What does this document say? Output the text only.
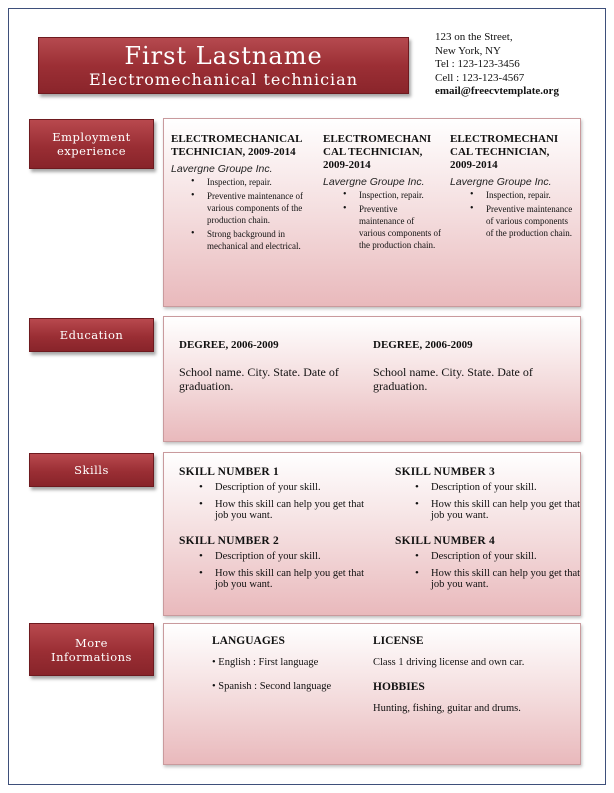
First Lastname
Electromechanical technician
123 on the Street,
New York, NY
Tel : 123-123-3456
Cell : 123-123-4567
email@freecvtemplate.org
Employment
experience
ELECTROMECHANICAL
TECHNICIAN, 2009-2014
Lavergne Groupe Inc.
• Inspection, repair.
• Preventive maintenance of various components of the production chain.
• Strong background in mechanical and electrical.
ELECTROMECHANI
CAL TECHNICIAN,
2009-2014
Lavergne Groupe Inc.
• Inspection, repair.
• Preventive maintenance of various components of the production chain.
ELECTROMECHANI
CAL TECHNICIAN,
2009-2014
Lavergne Groupe Inc.
• Inspection, repair.
• Preventive maintenance of various components of the production chain.
Education
DEGREE, 2006-2009
School name. City. State. Date of graduation.
DEGREE, 2006-2009
School name. City. State. Date of graduation.
Skills	SKILL NUMBER 1
• Description of your skill.
• How this skill can help you get that job you want.
SKILL NUMBER 3
• Description of your skill.
• How this skill can help you get that job you want.
SKILL NUMBER 2
• Description of your skill.
• How this skill can help you get that job you want.
SKILL NUMBER 4
• Description of your skill.
• How this skill can help you get that job you want.
More
Informations
LANGUAGES
• English : First language
• Spanish : Second language
LICENSE
Class 1 driving license and own car.
HOBBIES
Hunting, fishing, guitar and drums.
